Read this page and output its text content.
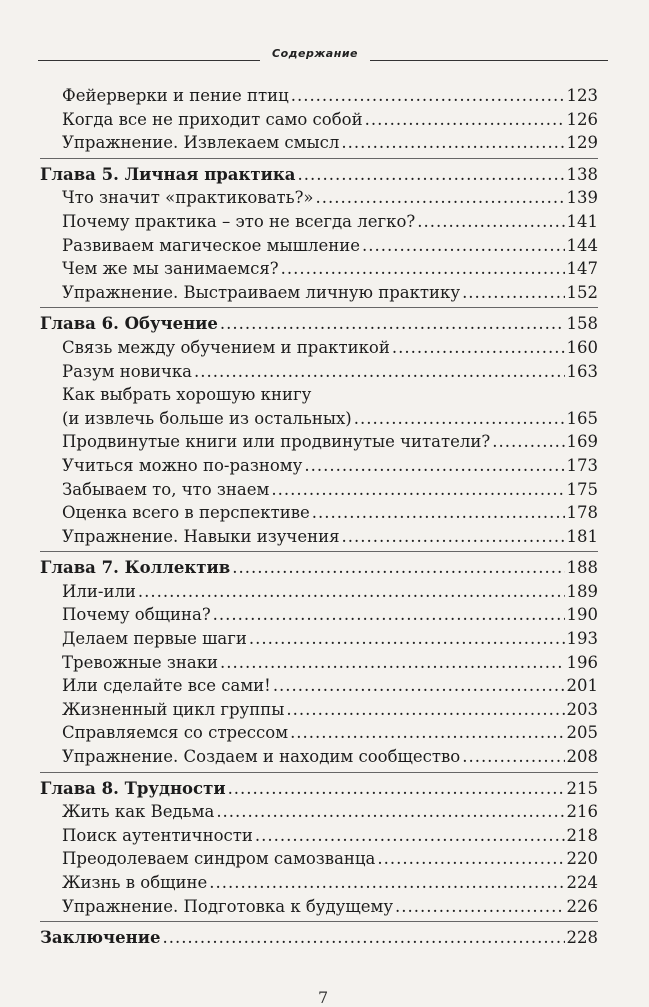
Содержание
Фейерверки и пение птиц .....	123
Когда все не приходит само собой .....	126
Упражнение. Извлекаем смысл .....	129
Глава 5. Личная практика .....	138
Что значит «практиковать?» .....	139
Почему практика – это не всегда легко? .....	141
Развиваем магическое мышление .....	144
Чем же мы занимаемся? .....	147
Упражнение. Выстраиваем личную практику .....	152
Глава 6. Обучение .....	158
Связь между обучением и практикой .....	160
Разум новичка .....	163
Как выбрать хорошую книгу
(и извлечь больше из остальных) .....	165
Продвинутые книги или продвинутые читатели? .....	169
Учиться можно по-разному .....	173
Забываем то, что знаем .....	175
Оценка всего в перспективе .....	178
Упражнение. Навыки изучения .....	181
Глава 7. Коллектив .....	188
Или-или .....	189
Почему община? .....	190
Делаем первые шаги .....	193
Тревожные знаки .....	196
Или сделайте все сами! .....	201
Жизненный цикл группы .....	203
Справляемся со стрессом .....	205
Упражнение. Создаем и находим сообщество .....	208
Глава 8. Трудности .....	215
Жить как Ведьма .....	216
Поиск аутентичности .....	218
Преодолеваем синдром самозванца .....	220
Жизнь в общине .....	224
Упражнение. Подготовка к будущему .....	226
Заключение .....	228
7
